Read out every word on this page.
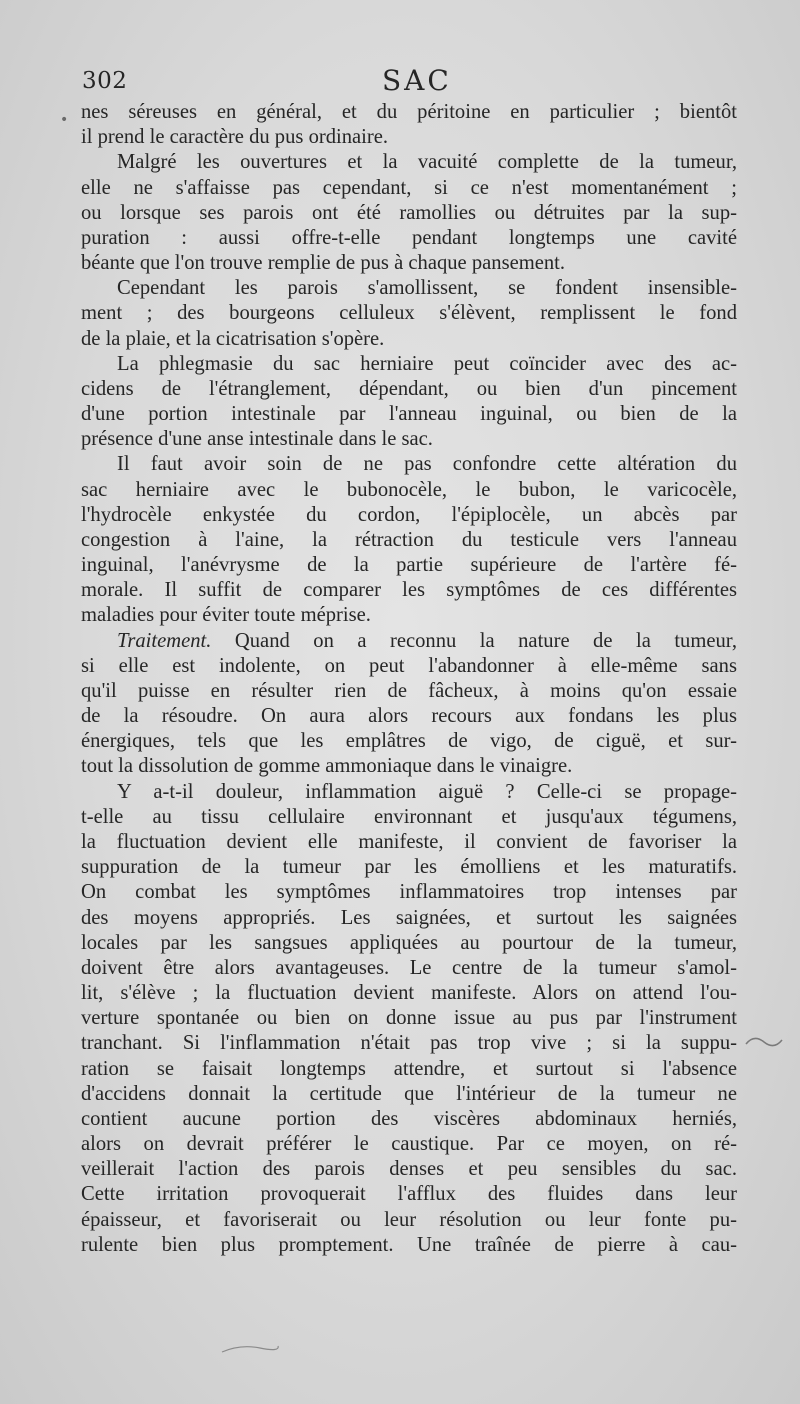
302	SAC
nes séreuses en général, et du péritoine en particulier ; bientôt
il prend le caractère du pus ordinaire.
Malgré les ouvertures et la vacuité complette de la tumeur,
elle ne s'affaisse pas cependant, si ce n'est momentanément ;
ou lorsque ses parois ont été ramollies ou détruites par la sup-
puration : aussi offre-t-elle pendant longtemps une cavité
béante que l'on trouve remplie de pus à chaque pansement.
Cependant les parois s'amollissent, se fondent insensible-
ment ; des bourgeons celluleux s'élèvent, remplissent le fond
de la plaie, et la cicatrisation s'opère.
La phlegmasie du sac herniaire peut coïncider avec des ac-
cidens de l'étranglement, dépendant, ou bien d'un pincement
d'une portion intestinale par l'anneau inguinal, ou bien de la
présence d'une anse intestinale dans le sac.
Il faut avoir soin de ne pas confondre cette altération du
sac herniaire avec le bubonocèle, le bubon, le varicocèle,
l'hydrocèle enkystée du cordon, l'épiplocèle, un abcès par
congestion à l'aine, la rétraction du testicule vers l'anneau
inguinal, l'anévrysme de la partie supérieure de l'artère fé-
morale. Il suffit de comparer les symptômes de ces différentes
maladies pour éviter toute méprise.
Traitement. Quand on a reconnu la nature de la tumeur,
si elle est indolente, on peut l'abandonner à elle-même sans
qu'il puisse en résulter rien de fâcheux, à moins qu'on essaie
de la résoudre. On aura alors recours aux fondans les plus
énergiques, tels que les emplâtres de vigo, de ciguë, et sur-
tout la dissolution de gomme ammoniaque dans le vinaigre.
Y a-t-il douleur, inflammation aiguë ? Celle-ci se propage-
t-elle au tissu cellulaire environnant et jusqu'aux tégumens,
la fluctuation devient elle manifeste, il convient de favoriser la
suppuration de la tumeur par les émolliens et les maturatifs.
On combat les symptômes inflammatoires trop intenses par
des moyens appropriés. Les saignées, et surtout les saignées
locales par les sangsues appliquées au pourtour de la tumeur,
doivent être alors avantageuses. Le centre de la tumeur s'amol-
lit, s'élève ; la fluctuation devient manifeste. Alors on attend l'ou-
verture spontanée ou bien on donne issue au pus par l'instrument
tranchant. Si l'inflammation n'était pas trop vive ; si la suppu-
ration se faisait longtemps attendre, et surtout si l'absence
d'accidens donnait la certitude que l'intérieur de la tumeur ne
contient aucune portion des viscères abdominaux herniés,
alors on devrait préférer le caustique. Par ce moyen, on ré-
veillerait l'action des parois denses et peu sensibles du sac.
Cette irritation provoquerait l'afflux des fluides dans leur
épaisseur, et favoriserait ou leur résolution ou leur fonte pu-
rulente bien plus promptement. Une traînée de pierre à cau-
•
